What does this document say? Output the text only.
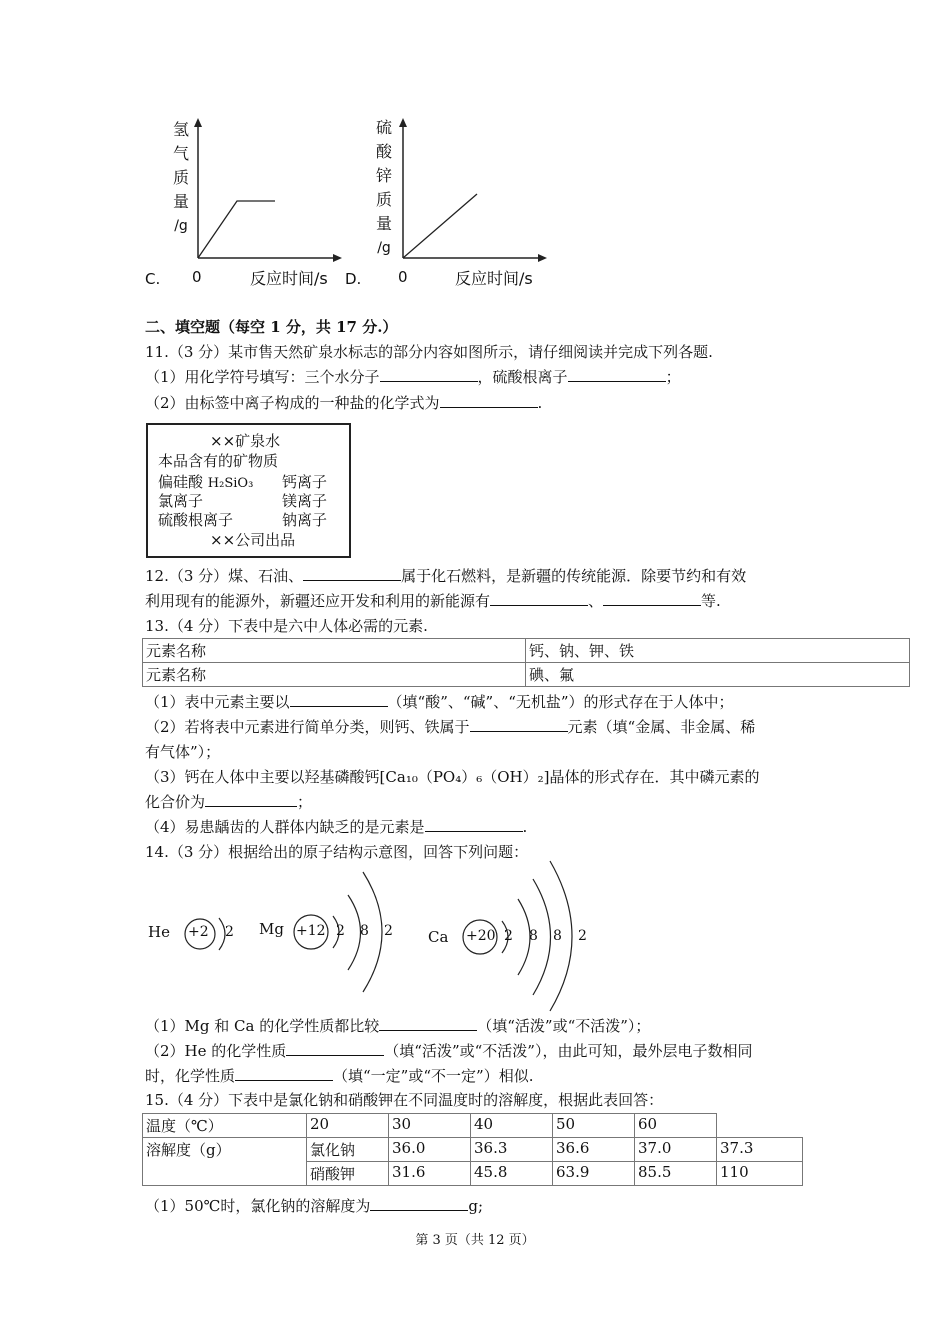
氢
气
质
量
/g
C. 0	反应时间/s
硫
酸
锌
质
量
/g
D. 0	反应时间/s
二、填空题（每空 1 分，共 17 分.）
11.（3 分）某市售天然矿泉水标志的部分内容如图所示，请仔细阅读并完成下列各题.
（1）用化学符号填写：三个水分子	，硫酸根离子	；
（2）由标签中离子构成的一种盐的化学式为	.
××矿泉水
本品含有的矿物质
偏硅酸 H₂SiO₃ 钙离子
氯离子	镁离子
硫酸根离子	钠离子
××公司出品
12.（3 分）煤、石油、	属于化石燃料，是新疆的传统能源．除要节约和有效
利用现有的能源外，新疆还应开发和利用的新能源有	、	等.
13.（4 分）下表中是六中人体必需的元素.
元素名称	钙、钠、钾、铁
元素名称	碘、氟
（1）表中元素主要以	（填“酸”、“碱”、“无机盐”）的形式存在于人体中；
（2）若将表中元素进行简单分类，则钙、铁属于	元素（填“金属、非金属、稀
有气体”）；
（3）钙在人体中主要以羟基磷酸钙[Ca₁₀（PO₄）₆（OH）₂]晶体的形式存在．其中磷元素的
化合价为	；
（4）易患龋齿的人群体内缺乏的是元素是	.
14.（3 分）根据给出的原子结构示意图，回答下列问题：
He +2 2 Mg +12 2 8 2 Ca +20 2 8 8 2
（1）Mg 和 Ca 的化学性质都比较	（填“活泼”或“不活泼”）；
（2）He 的化学性质	（填“活泼”或“不活泼”），由此可知，最外层电子数相同
时，化学性质	（填“一定”或“不一定”）相似.
15.（4 分）下表中是氯化钠和硝酸钾在不同温度时的溶解度，根据此表回答：
温度（℃）	20	30	40	50	60	
溶解度（g）	氯化钠	36.0	36.3	36.6	37.0	37.3
	硝酸钾	31.6	45.8	63.9	85.5	110
（1）50℃时，氯化钠的溶解度为	g;
第 3 页（共 12 页）
